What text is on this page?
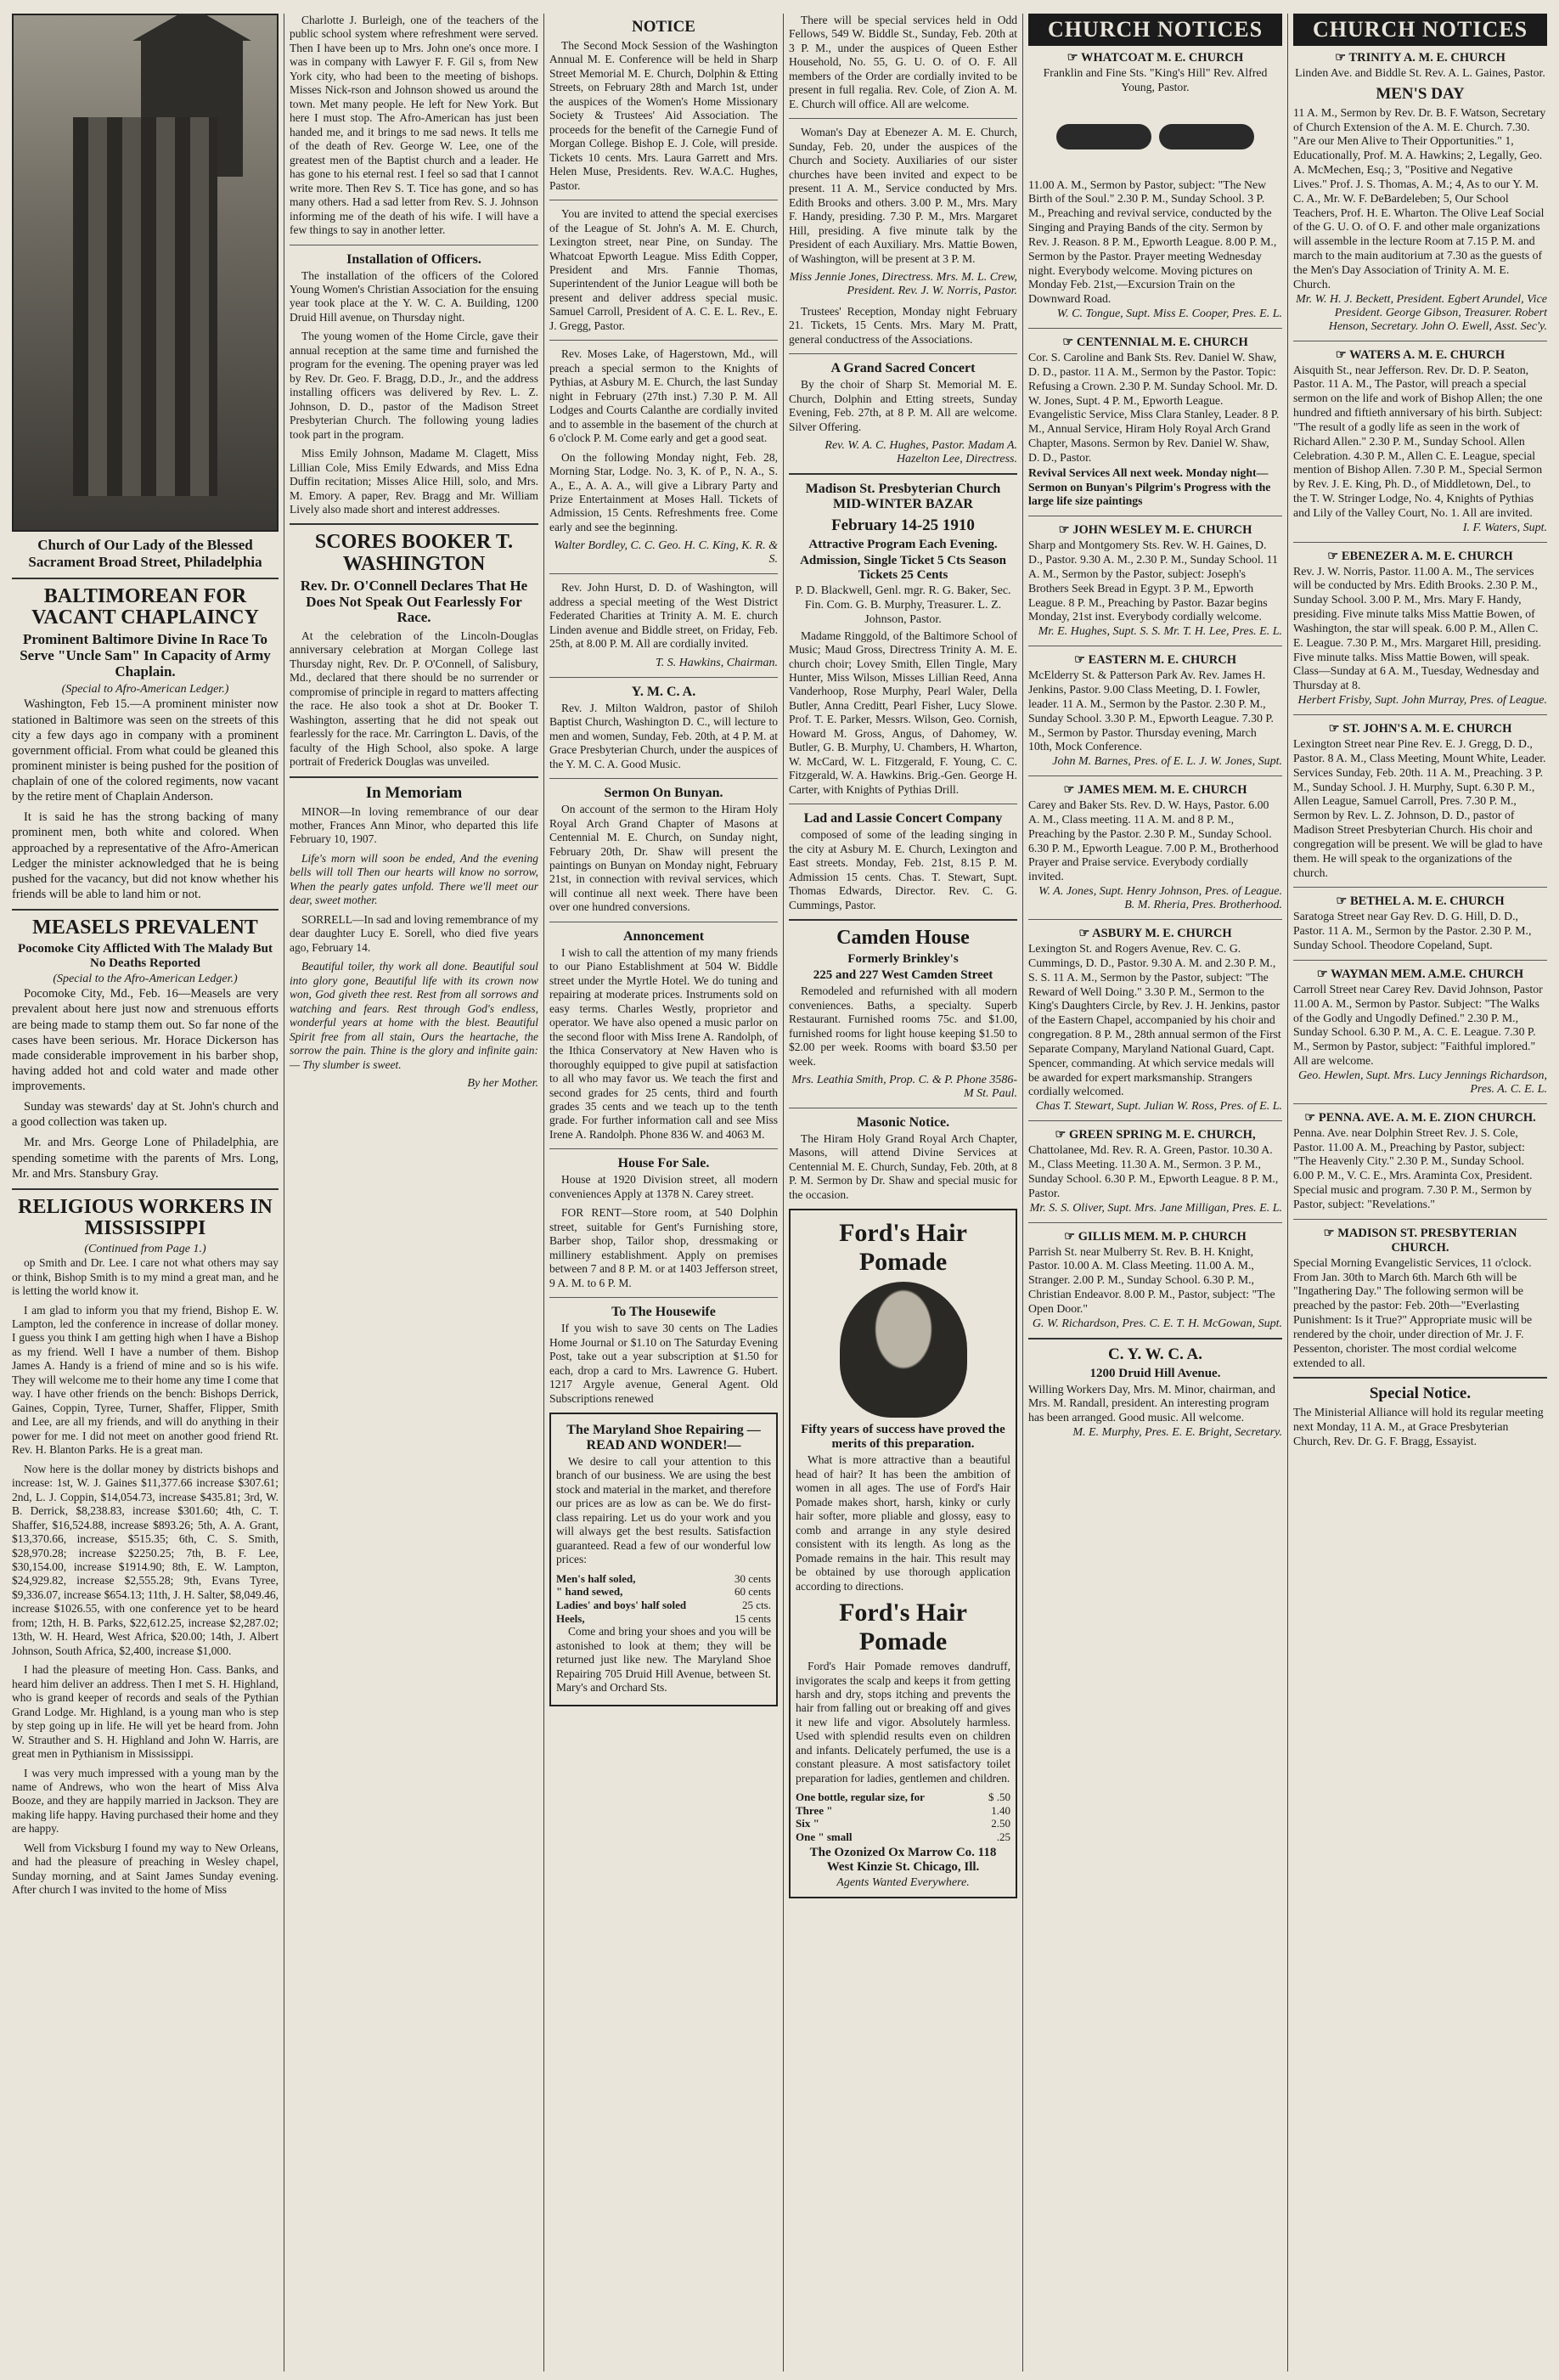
Church of Our Lady of the Blessed Sacrament Broad Street, Philadelphia
BALTIMOREAN FOR VACANT CHAPLAINCY
Prominent Baltimore Divine In Race To Serve "Uncle Sam" In Capacity of Army Chaplain.
(Special to Afro-American Ledger.)

Washington, Feb 15.—A prominent minister now stationed in Baltimore was seen on the streets of this city a few days ago in company with a prominent government official. From what could be gleaned this prominent minister is being pushed for the position of chaplain of one of the colored regiments, now vacant by the retire ment of Chaplain Anderson.

It is said he has the strong backing of many prominent men, both white and colored. When approached by a representative of the Afro-American Ledger the minister acknowledged that he is being pushed for the vacancy, but did not know whether his friends will be able to land him or not.

MEASELS PREVALENT
Pocomoke City Afflicted With The Malady But No Deaths Reported
(Special to the Afro-American Ledger.)

Pocomoke City, Md., Feb. 16—Measels are very prevalent about here just now and strenuous efforts are being made to stamp them out. So far none of the cases have been serious. Mr. Horace Dickerson has made considerable improvement in his barber shop, having added hot and cold water and made other improvements.

Sunday was stewards' day at St. John's church and a good collection was taken up.

Mr. and Mrs. George Lone of Philadelphia, are spending sometime with the parents of Mrs. Long, Mr. and Mrs. Stansbury Gray.

RELIGIOUS WORKERS IN MISSISSIPPI
(Continued from Page 1.)

op Smith and Dr. Lee. I care not what others may say or think, Bishop Smith is to my mind a great man, and he is letting the world know it.

I am glad to inform you that my friend, Bishop E. W. Lampton, led the conference in increase of dollar money. I guess you think I am getting high when I have a Bishop as my friend. Well I have a number of them. Bishop James A. Handy is a friend of mine and so is his wife. They will welcome me to their home any time I come that way. I have other friends on the bench: Bishops Derrick, Gaines, Coppin, Tyree, Turner, Shaffer, Flipper, Smith and Lee, are all my friends, and will do anything in their power for me. I did not meet on another good friend Rt. Rev. H. Blanton Parks. He is a great man.

Now here is the dollar money by districts bishops and increase: 1st, W. J. Gaines $11,377.66 increase $307.61; 2nd, L. J. Coppin, $14,054.73, increase $435.81; 3rd, W. B. Derrick, $8,238.83, increase $301.60; 4th, C. T. Shaffer, $16,524.88, increase $893.26; 5th, A. A. Grant, $13,370.66, increase, $515.35; 6th, C. S. Smith, $28,970.28; increase $2250.25; 7th, B. F. Lee, $30,154.00, increase $1914.90; 8th, E. W. Lampton, $24,929.82, increase $2,555.28; 9th, Evans Tyree, $9,336.07, increase $654.13; 11th, J. H. Salter, $8,049.46, increase $1026.55, with one conference yet to be heard from; 12th, H. B. Parks, $22,612.25, increase $2,287.02; 13th, W. H. Heard, West Africa, $20.00; 14th, J. Albert Johnson, South Africa, $2,400, increase $1,000.

I had the pleasure of meeting Hon. Cass. Banks, and heard him deliver an address. Then I met S. H. Highland, who is grand keeper of records and seals of the Pythian Grand Lodge. Mr. Highland, is a young man who is step by step going up in life. He will yet be heard from. John W. Strauther and S. H. Highland and John W. Harris, are great men in Pythianism in Mississippi.

I was very much impressed with a young man by the name of Andrews, who won the heart of Miss Alva Booze, and they are happily married in Jackson. They are making life happy. Having purchased their home and they are happy.

Well from Vicksburg I found my way to New Orleans, and had the pleasure of preaching in Wesley chapel, Sunday morning, and at Saint James Sunday evening. After church I was invited to the home of Miss

Charlotte J. Burleigh, one of the teachers of the public school system where refreshment were served. Then I have been up to Mrs. John one's once more. I was in company with Lawyer F. F. Gil s, from New York city, who had been to the meeting of bishops. Misses Nick-rson and Johnson showed us around the town. Met many people. He left for New York. But here I must stop. The Afro-American has just been handed me, and it brings to me sad news. It tells me of the death of Rev. George W. Lee, one of the greatest men of the Baptist church and a leader. He has gone to his eternal rest. I feel so sad that I cannot write more. Then Rev S. T. Tice has gone, and so has many others. Had a sad letter from Rev. S. J. Johnson informing me of the death of his wife. I will have a few things to say in another letter.

Installation of Officers.

The installation of the officers of the Colored Young Women's Christian Association for the ensuing year took place at the Y. W. C. A. Building, 1200 Druid Hill avenue, on Thursday night.

The young women of the Home Circle, gave their annual reception at the same time and furnished the program for the evening. The opening prayer was led by Rev. Dr. Geo. F. Bragg, D.D., Jr., and the address installing officers was delivered by Rev. L. Z. Johnson, D. D., pastor of the Madison Street Presbyterian Church. The following young ladies took part in the program.

Miss Emily Johnson, Madame M. Clagett, Miss Lillian Cole, Miss Emily Edwards, and Miss Edna Duffin recitation; Misses Alice Hill, solo, and Mrs. M. Emory. A paper, Rev. Bragg and Mr. William Lively also made short and interest addresses.

SCORES BOOKER T. WASHINGTON
Rev. Dr. O'Connell Declares That He Does Not Speak Out Fearlessly For Race.

At the celebration of the Lincoln-Douglas anniversary celebration at Morgan College last Thursday night, Rev. Dr. P. O'Connell, of Salisbury, Md., declared that there should be no surrender or compromise of principle in regard to matters affecting the race. He also took a shot at Dr. Booker T. Washington, asserting that he did not speak out fearlessly for the race. Mr. Carrington L. Davis, of the faculty of the High School, also spoke. A large portrait of Frederick Douglas was unveiled.

In Memoriam

MINOR—In loving remembrance of our dear mother, Frances Ann Minor, who departed this life February 10, 1907.

Life's morn will soon be ended, And the evening bells will toll Then our hearts will know no sorrow, When the pearly gates unfold. There we'll meet our dear, sweet mother.

SORRELL—In sad and loving remembrance of my dear daughter Lucy E. Sorell, who died five years ago, February 14.

Beautiful toiler, thy work all done. Beautiful soul into glory gone, Beautiful life with its crown now won, God giveth thee rest. Rest from all sorrows and watching and fears. Rest through God's endless, wonderful years at home with the blest. Beautiful Spirit free from all stain, Ours the heartache, the sorrow the pain. Thine is the glory and infinite gain:— Thy slumber is sweet.

By her Mother.
NOTICE

The Second Mock Session of the Washington Annual M. E. Conference will be held in Sharp Street Memorial M. E. Church, Dolphin & Etting Streets, on February 28th and March 1st, under the auspices of the Women's Home Missionary Society & Trustees' Aid Association. The proceeds for the benefit of the Carnegie Fund of Morgan College. Bishop E. J. Cole, will preside. Tickets 10 cents. Mrs. Laura Garrett and Mrs. Helen Muse, Presidents. Rev. W.A.C. Hughes, Pastor.

You are invited to attend the special exercises of the League of St. John's A. M. E. Church, Lexington street, near Pine, on Sunday. The Whatcoat Epworth League. Miss Edith Copper, President and Mrs. Fannie Thomas, Superintendent of the Junior League will both be present and deliver address special music. Samuel Carroll, President of A. C. E. L. Rev., E. J. Gregg, Pastor.

Rev. Moses Lake, of Hagerstown, Md., will preach a special sermon to the Knights of Pythias, at Asbury M. E. Church, the last Sunday night in February (27th inst.) 7.30 P. M. All Lodges and Courts Calanthe are cordially invited and to assemble in the basement of the church at 6 o'clock P. M. Come early and get a good seat.

On the following Monday night, Feb. 28, Morning Star, Lodge. No. 3, K. of P., N. A., S. A., E., A. A. A., will give a Library Party and Prize Entertainment at Moses Hall. Tickets of Admission, 15 Cents. Refreshments free. Come early and see the beginning.

Walter Bordley, C. C. Geo. H. C. King, K. R. & S.

Rev. John Hurst, D. D. of Washington, will address a special meeting of the West District Federated Charities at Trinity A. M. E. church Linden avenue and Biddle street, on Friday, Feb. 25th, at 8.00 P. M. All are cordially invited.

T. S. Hawkins, Chairman.
Y. M. C. A.

Rev. J. Milton Waldron, pastor of Shiloh Baptist Church, Washington D. C., will lecture to men and women, Sunday, Feb. 20th, at 4 P. M. at Grace Presbyterian Church, under the auspices of the Y. M. C. A. Good Music.

Sermon On Bunyan.

On account of the sermon to the Hiram Holy Royal Arch Grand Chapter of Masons at Centennial M. E. Church, on Sunday night, February 20th, Dr. Shaw will present the paintings on Bunyan on Monday night, February 21st, in connection with revival services, which will continue all next week. There have been over one hundred conversions.

Annoncement

I wish to call the attention of my many friends to our Piano Establishment at 504 W. Biddle street under the Myrtle Hotel. We do tuning and repairing at moderate prices. Instruments sold on easy terms. Charles Westly, proprietor and operator. We have also opened a music parlor on the second floor with Miss Irene A. Randolph, of the Ithica Conservatory at New Haven who is thoroughly equipped to give pupil at satisfaction to all who may favor us. We teach the first and second grades for 25 cents, third and fourth grades 35 cents and we teach up to the tenth grade. For further information call and see Miss Irene A. Randolph. Phone 836 W. and 4063 M.

House For Sale.

House at 1920 Division street, all modern conveniences Apply at 1378 N. Carey street.

FOR RENT—Store room, at 540 Dolphin street, suitable for Gent's Furnishing store, Barber shop, Tailor shop, dressmaking or millinery establishment. Apply on premises between 7 and 8 P. M. or at 1403 Jefferson street, 9 A. M. to 6 P. M.

To The Housewife

If you wish to save 30 cents on The Ladies Home Journal or $1.10 on The Saturday Evening Post, take out a year subscription at $1.50 for each, drop a card to Mrs. Lawrence G. Hubert. 1217 Argyle avenue, General Agent. Old Subscriptions renewed

The Maryland Shoe Repairing —READ AND WONDER!—

We desire to call your attention to this branch of our business. We are using the best stock and material in the market, and therefore our prices are as low as can be. We do first-class repairing. Let us do your work and you will always get the best results. Satisfaction guaranteed. Read a few of our wonderful low prices:

30 cents
Men's half soled,

60 cents
" hand sewed,

25 cts.
Ladies' and boys' half soled

15 cents
Heels,

Come and bring your shoes and you will be astonished to look at them; they will be returned just like new. The Maryland Shoe Repairing 705 Druid Hill Avenue, between St. Mary's and Orchard Sts.

There will be special services held in Odd Fellows, 549 W. Biddle St., Sunday, Feb. 20th at 3 P. M., under the auspices of Queen Esther Household, No. 55, G. U. O. of O. F. All members of the Order are cordially invited to be present in full regalia. Rev. Cole, of Zion A. M. E. Church will office. All are welcome.

Woman's Day at Ebenezer A. M. E. Church, Sunday, Feb. 20, under the auspices of the Church and Society. Auxiliaries of our sister churches have been invited and expect to be present. 11 A. M., Service conducted by Mrs. Edith Brooks and others. 3.00 P. M., Mrs. Mary F. Handy, presiding. 7.30 P. M., Mrs. Margaret Hill, presiding. A five minute talk by the President of each Auxiliary. Mrs. Mattie Bowen, of Washington, will be present at 3 P. M.

Miss Jennie Jones, Directress. Mrs. M. L. Crew, President. Rev. J. W. Norris, Pastor.

Trustees' Reception, Monday night February 21. Tickets, 15 Cents. Mrs. Mary M. Pratt, general conductress of the Associations.

A Grand Sacred Concert

By the choir of Sharp St. Memorial M. E. Church, Dolphin and Etting streets, Sunday Evening, Feb. 27th, at 8 P. M. All are welcome. Silver Offering.

Rev. W. A. C. Hughes, Pastor. Madam A. Hazelton Lee, Directress.
Madison St. Presbyterian Church MID-WINTER BAZAR
February 14-25 1910
Attractive Program Each Evening.
Admission, Single Ticket 5 Cts Season Tickets 25 Cents

P. D. Blackwell, Genl. mgr. R. G. Baker, Sec. Fin. Com. G. B. Murphy, Treasurer. L. Z. Johnson, Pastor.

Madame Ringgold, of the Baltimore School of Music; Maud Gross, Directress Trinity A. M. E. church choir; Lovey Smith, Ellen Tingle, Mary Hunter, Miss Wilson, Misses Lillian Reed, Anna Vanderhoop, Rose Murphy, Pearl Waler, Della Butler, Anna Creditt, Pearl Fisher, Lucy Slowe. Prof. T. E. Parker, Messrs. Wilson, Geo. Cornish, Howard M. Gross, Angus, of Dahomey, W. Butler, G. B. Murphy, U. Chambers, H. Wharton, W. McCard, W. L. Fitzgerald, F. Young, C. C. Fitzgerald, W. A. Hawkins. Brig.-Gen. George H. Carter, with Knights of Pythias Drill.

Lad and Lassie Concert Company

composed of some of the leading singing in the city at Asbury M. E. Church, Lexington and East streets. Monday, Feb. 21st, 8.15 P. M. Admission 15 cents. Chas. T. Stewart, Supt. Thomas Edwards, Director. Rev. C. G. Cummings, Pastor.

Camden House
Formerly Brinkley's
225 and 227 West Camden Street

Remodeled and refurnished with all modern conveniences. Baths, a specialty. Superb Restaurant. Furnished rooms 75c. and $1.00, furnished rooms for light house keeping $1.50 to $2.00 per week. Rooms with board $3.50 per week.

Mrs. Leathia Smith, Prop. C. & P. Phone 3586-M St. Paul.
Masonic Notice.

The Hiram Holy Grand Royal Arch Chapter, Masons, will attend Divine Services at Centennial M. E. Church, Sunday, Feb. 20th, at 8 P. M. Sermon by Dr. Shaw and special music for the occasion.

Ford's Hair Pomade
Fifty years of success have proved the merits of this preparation.

What is more attractive than a beautiful head of hair? It has been the ambition of women in all ages. The use of Ford's Hair Pomade makes short, harsh, kinky or curly hair softer, more pliable and glossy, easy to comb and arrange in any style desired consistent with its length. As long as the Pomade remains in the hair. This result may be obtained by use thorough application according to directions.

Ford's Hair Pomade

Ford's Hair Pomade removes dandruff, invigorates the scalp and keeps it from getting harsh and dry, stops itching and prevents the hair from falling out or breaking off and gives it new life and vigor. Absolutely harmless. Used with splendid results even on children and infants. Delicately perfumed, the use is a constant pleasure. A most satisfactory toilet preparation for ladies, gentlemen and children.

$ .50
One bottle, regular size, for

1.40
Three "

2.50
Six "

.25
One " small

The Ozonized Ox Marrow Co. 118 West Kinzie St. Chicago, Ill.
Agents Wanted Everywhere.
CHURCH NOTICES
☞ WHATCOAT M. E. CHURCH

Franklin and Fine Sts. "King's Hill" Rev. Alfred Young, Pastor.

11.00 A. M., Sermon by Pastor, subject: "The New Birth of the Soul." 2.30 P. M., Sunday School. 3 P. M., Preaching and revival service, conducted by the Singing and Praying Bands of the city. Sermon by Rev. J. Reason. 8 P. M., Epworth League. 8.00 P. M., Sermon by the Pastor. Prayer meeting Wednesday night. Everybody welcome. Moving pictures on Monday Feb. 21st,—Excursion Train on the Downward Road.

W. C. Tongue, Supt. Miss E. Cooper, Pres. E. L.
☞ CENTENNIAL M. E. CHURCH

Cor. S. Caroline and Bank Sts. Rev. Daniel W. Shaw, D. D., pastor. 11 A. M., Sermon by the Pastor. Topic: Refusing a Crown. 2.30 P. M. Sunday School. Mr. D. W. Jones, Supt. 4 P. M., Epworth League. Evangelistic Service, Miss Clara Stanley, Leader. 8 P. M., Annual Service, Hiram Holy Royal Arch Grand Chapter, Masons. Sermon by Rev. Daniel W. Shaw, D. D., Pastor.

Revival Services All next week. Monday night—Sermon on Bunyan's Pilgrim's Progress with the large life size paintings

☞ JOHN WESLEY M. E. CHURCH

Sharp and Montgomery Sts. Rev. W. H. Gaines, D. D., Pastor. 9.30 A. M., 2.30 P. M., Sunday School. 11 A. M., Sermon by the Pastor, subject: Joseph's Brothers Seek Bread in Egypt. 3 P. M., Epworth League. 8 P. M., Preaching by Pastor. Bazar begins Monday, 21st inst. Everybody cordially welcome.

Mr. E. Hughes, Supt. S. S. Mr. T. H. Lee, Pres. E. L.
☞ EASTERN M. E. CHURCH

McElderry St. & Patterson Park Av. Rev. James H. Jenkins, Pastor. 9.00 Class Meeting, D. I. Fowler, leader. 11 A. M., Sermon by the Pastor. 2.30 P. M., Sunday School. 3.30 P. M., Epworth League. 7.30 P. M., Sermon by Pastor. Thursday evening, March 10th, Mock Conference.

John M. Barnes, Pres. of E. L. J. W. Jones, Supt.
☞ JAMES MEM. M. E. CHURCH

Carey and Baker Sts. Rev. D. W. Hays, Pastor. 6.00 A. M., Class meeting. 11 A. M. and 8 P. M., Preaching by the Pastor. 2.30 P. M., Sunday School. 6.30 P. M., Epworth League. 7.00 P. M., Brotherhood Prayer and Praise service. Everybody cordially invited.

W. A. Jones, Supt. Henry Johnson, Pres. of League. B. M. Rheria, Pres. Brotherhood.
☞ ASBURY M. E. CHURCH

Lexington St. and Rogers Avenue, Rev. C. G. Cummings, D. D., Pastor. 9.30 A. M. and 2.30 P. M., S. S. 11 A. M., Sermon by the Pastor, subject: "The Reward of Well Doing." 3.30 P. M., Sermon to the King's Daughters Circle, by Rev. J. H. Jenkins, pastor of the Eastern Chapel, accompanied by his choir and congregation. 8 P. M., 28th annual sermon of the First Separate Company, Maryland National Guard, Capt. Spencer, commanding. At which service medals will be awarded for expert marksmanship. Strangers cordially welcomed.

Chas T. Stewart, Supt. Julian W. Ross, Pres. of E. L.
☞ GREEN SPRING M. E. CHURCH,

Chattolanee, Md. Rev. R. A. Green, Pastor. 10.30 A. M., Class Meeting. 11.30 A. M., Sermon. 3 P. M., Sunday School. 6.30 P. M., Epworth League. 8 P. M., Pastor.

Mr. S. S. Oliver, Supt. Mrs. Jane Milligan, Pres. E. L.
☞ GILLIS MEM. M. P. CHURCH

Parrish St. near Mulberry St. Rev. B. H. Knight, Pastor. 10.00 A. M. Class Meeting. 11.00 A. M., Stranger. 2.00 P. M., Sunday School. 6.30 P. M., Christian Endeavor. 8.00 P. M., Pastor, subject: "The Open Door."

G. W. Richardson, Pres. C. E. T. H. McGowan, Supt.
C. Y. W. C. A.
1200 Druid Hill Avenue.

Willing Workers Day, Mrs. M. Minor, chairman, and Mrs. M. Randall, president. An interesting program has been arranged. Good music. All welcome.

M. E. Murphy, Pres. E. E. Bright, Secretary.
CHURCH NOTICES
☞ TRINITY A. M. E. CHURCH

Linden Ave. and Biddle St. Rev. A. L. Gaines, Pastor.

MEN'S DAY

11 A. M., Sermon by Rev. Dr. B. F. Watson, Secretary of Church Extension of the A. M. E. Church. 7.30. "Are our Men Alive to Their Opportunities." 1, Educationally, Prof. M. A. Hawkins; 2, Legally, Geo. A. McMechen, Esq.; 3, "Positive and Negative Lives." Prof. J. S. Thomas, A. M.; 4, As to our Y. M. C. A., Mr. W. F. DeBardeleben; 5, Our School Teachers, Prof. H. E. Wharton. The Olive Leaf Social of the G. U. O. of O. F. and other male organizations will assemble in the lecture Room at 7.15 P. M. and march to the main auditorium at 7.30 as the guests of the Men's Day Association of Trinity A. M. E. Church.

Mr. W. H. J. Beckett, President. Egbert Arundel, Vice President. George Gibson, Treasurer. Robert Henson, Secretary. John O. Ewell, Asst. Sec'y.
☞ WATERS A. M. E. CHURCH

Aisquith St., near Jefferson. Rev. Dr. D. P. Seaton, Pastor. 11 A. M., The Pastor, will preach a special sermon on the life and work of Bishop Allen; the one hundred and fiftieth anniversary of his birth. Subject: "The result of a godly life as seen in the work of Richard Allen." 2.30 P. M., Sunday School. Allen Celebration. 4.30 P. M., Allen C. E. League, special mention of Bishop Allen. 7.30 P. M., Special Sermon by Rev. J. E. King, Ph. D., of Middletown, Del., to the T. W. Stringer Lodge, No. 4, Knights of Pythias and Lily of the Valley Court, No. 1. All are invited.

I. F. Waters, Supt.
☞ EBENEZER A. M. E. CHURCH

Rev. J. W. Norris, Pastor. 11.00 A. M., The services will be conducted by Mrs. Edith Brooks. 2.30 P. M., Sunday School. 3.00 P. M., Mrs. Mary F. Handy, presiding. Five minute talks Miss Mattie Bowen, of Washington, the star will speak. 6.00 P. M., Allen C. E. League. 7.30 P. M., Mrs. Margaret Hill, presiding. Five minute talks. Miss Mattie Bowen, will speak. Class—Sunday at 6 A. M., Tuesday, Wednesday and Thursday at 8.

Herbert Frisby, Supt. John Murray, Pres. of League.
☞ ST. JOHN'S A. M. E. CHURCH

Lexington Street near Pine Rev. E. J. Gregg, D. D., Pastor. 8 A. M., Class Meeting, Mount White, Leader. Services Sunday, Feb. 20th. 11 A. M., Preaching. 3 P. M., Sunday School. J. H. Murphy, Supt. 6.30 P. M., Allen League, Samuel Carroll, Pres. 7.30 P. M., Sermon by Rev. L. Z. Johnson, D. D., pastor of Madison Street Presbyterian Church. His choir and congregation will be present. We will be glad to have them. He will speak to the organizations of the church.

☞ BETHEL A. M. E. CHURCH

Saratoga Street near Gay Rev. D. G. Hill, D. D., Pastor. 11 A. M., Sermon by the Pastor. 2.30 P. M., Sunday School. Theodore Copeland, Supt.

☞ WAYMAN MEM. A.M.E. CHURCH

Carroll Street near Carey Rev. David Johnson, Pastor 11.00 A. M., Sermon by Pastor. Subject: "The Walks of the Godly and Ungodly Defined." 2.30 P. M., Sunday School. 6.30 P. M., A. C. E. League. 7.30 P. M., Sermon by Pastor, subject: "Faithful implored." All are welcome.

Geo. Hewlen, Supt. Mrs. Lucy Jennings Richardson, Pres. A. C. E. L.
☞ PENNA. AVE. A. M. E. ZION CHURCH.

Penna. Ave. near Dolphin Street Rev. J. S. Cole, Pastor. 11.00 A. M., Preaching by Pastor, subject: "The Heavenly City." 2.30 P. M., Sunday School. 6.00 P. M., V. C. E., Mrs. Araminta Cox, President. Special music and program. 7.30 P. M., Sermon by Pastor, subject: "Revelations."

☞ MADISON ST. PRESBYTERIAN CHURCH.

Special Morning Evangelistic Services, 11 o'clock. From Jan. 30th to March 6th. March 6th will be "Ingathering Day." The following sermon will be preached by the pastor: Feb. 20th—"Everlasting Punishment: Is it True?" Appropriate music will be rendered by the choir, under direction of Mr. J. F. Pessenton, chorister. The most cordial welcome extended to all.

Special Notice.

The Ministerial Alliance will hold its regular meeting next Monday, 11 A. M., at Grace Presbyterian Church, Rev. Dr. G. F. Bragg, Essayist.
